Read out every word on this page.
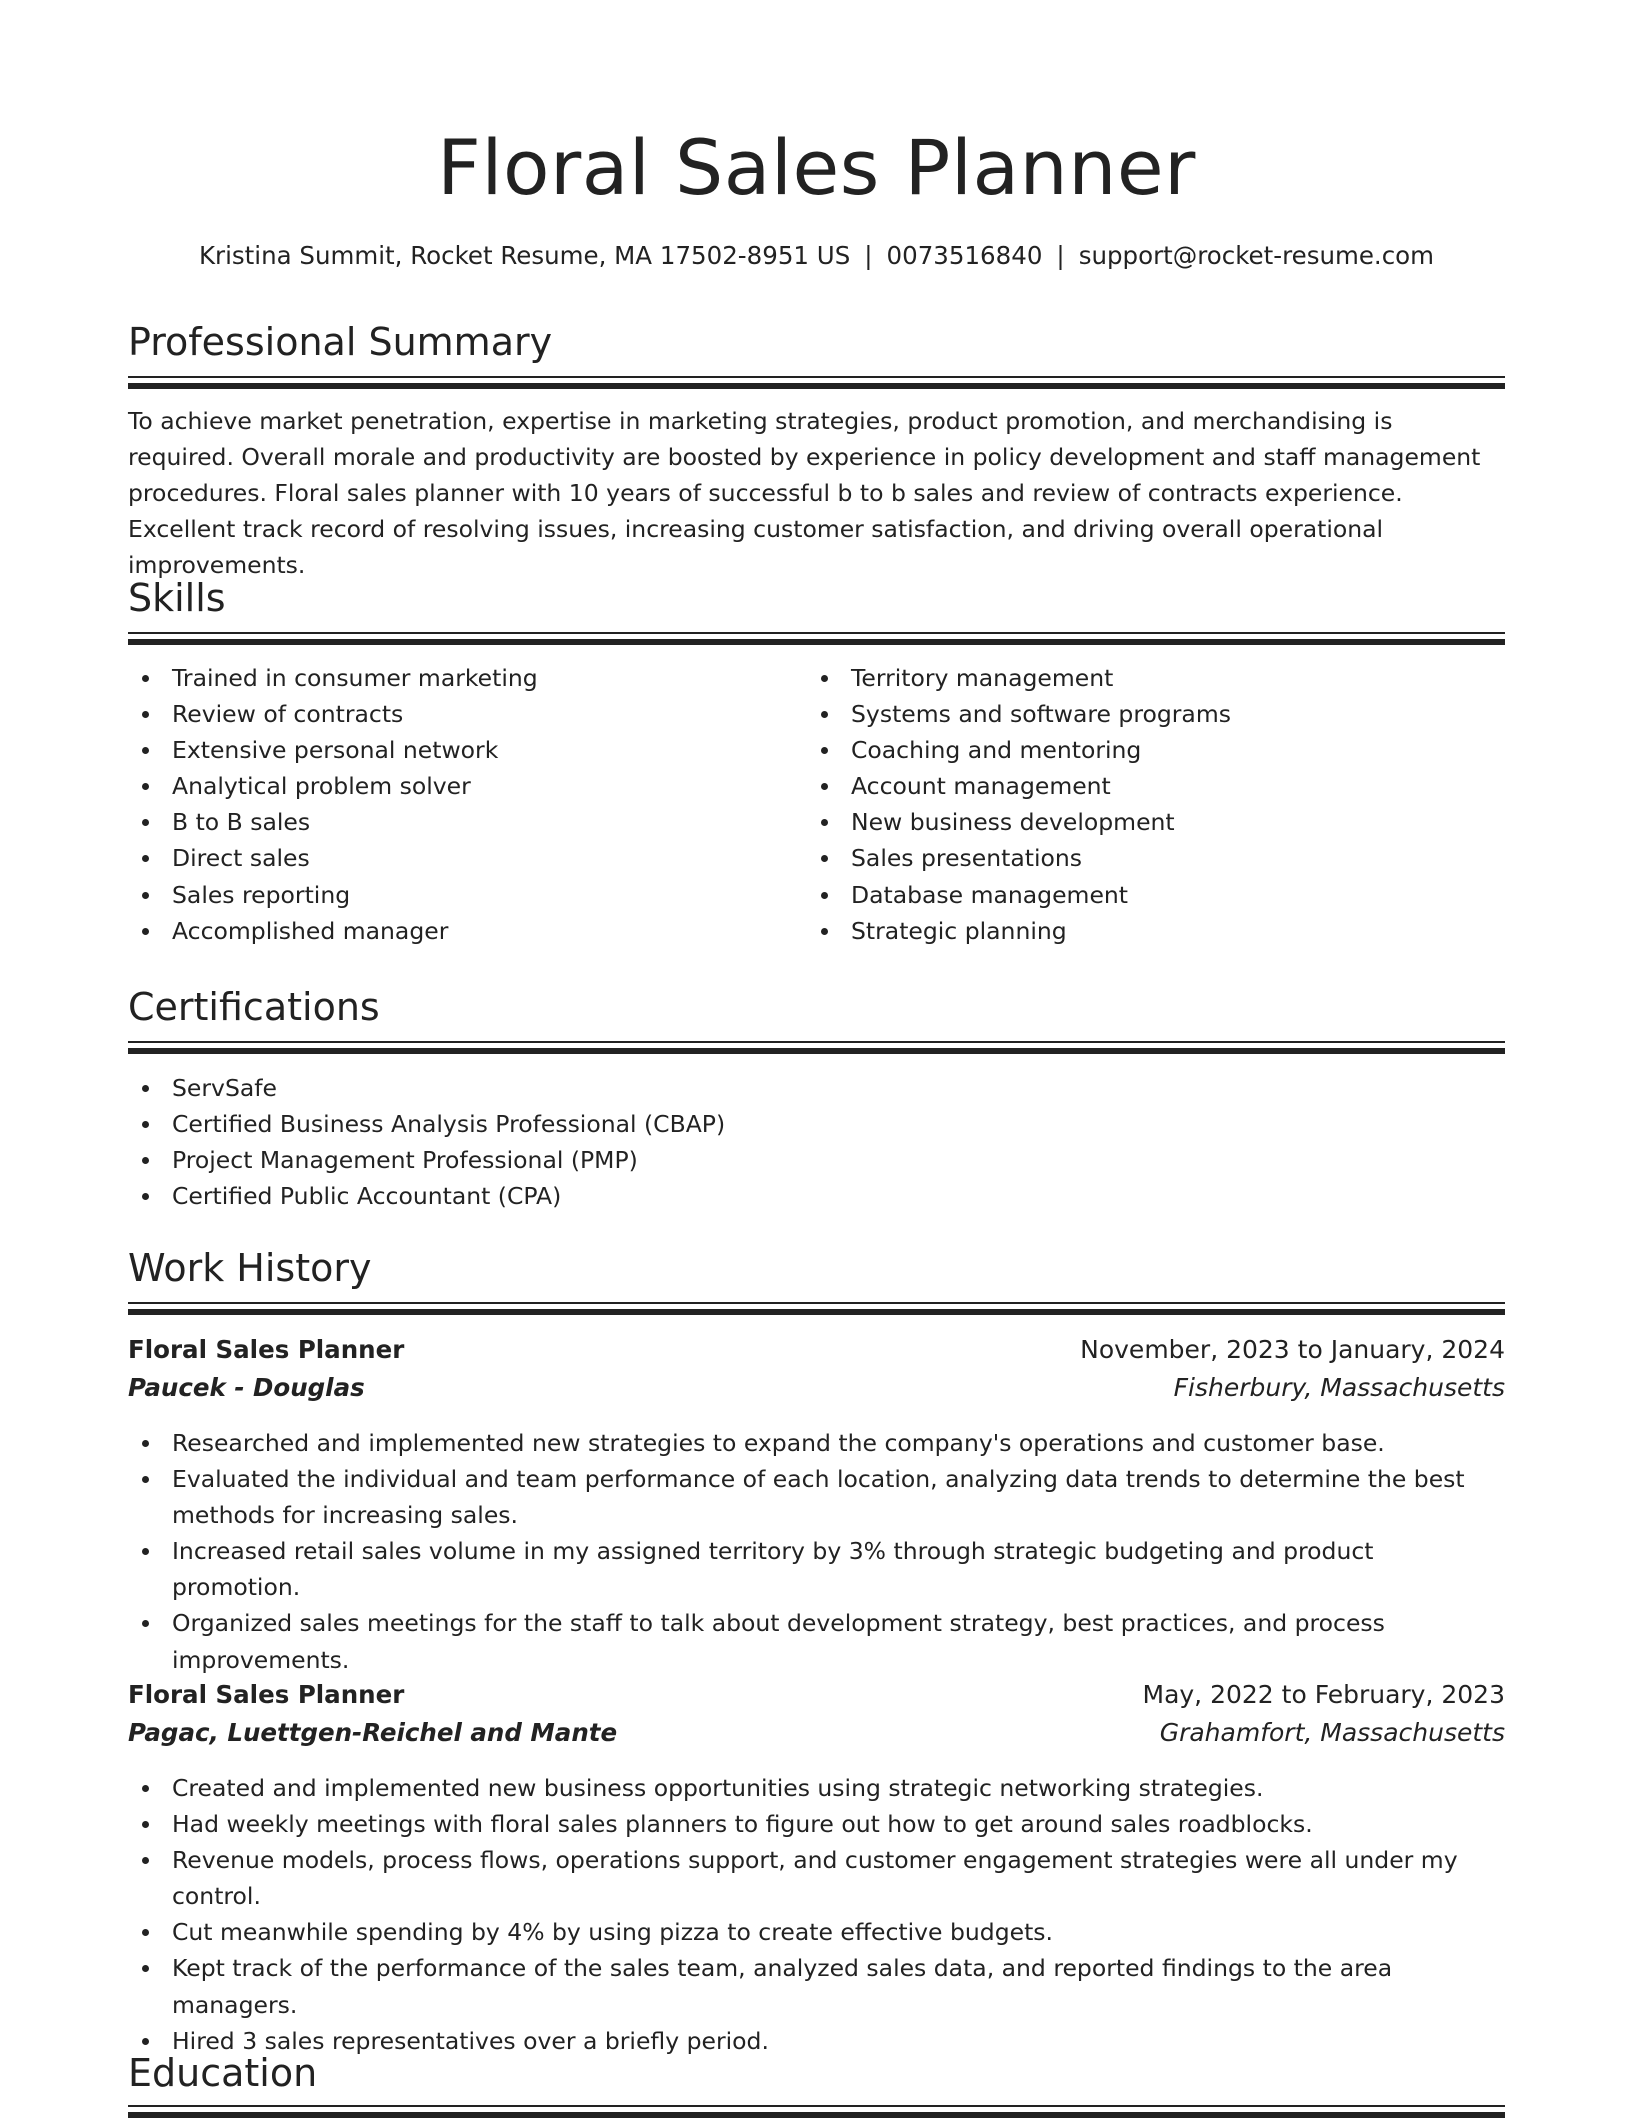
Floral Sales Planner
Kristina Summit, Rocket Resume, MA 17502-8951 US | 0073516840 | support@rocket-resume.com
Professional Summary

To achieve market penetration, expertise in marketing strategies, product promotion, and merchandising is required. Overall morale and productivity are boosted by experience in policy development and staff management procedures. Floral sales planner with 10 years of successful b to b sales and review of contracts experience. Excellent track record of resolving issues, increasing customer satisfaction, and driving overall operational improvements.

Skills
Trained in consumer marketing
Review of contracts
Extensive personal network
Analytical problem solver
B to B sales
Direct sales
Sales reporting
Accomplished manager
Territory management
Systems and software programs
Coaching and mentoring
Account management
New business development
Sales presentations
Database management
Strategic planning
Certifications
ServSafe
Certified Business Analysis Professional (CBAP)
Project Management Professional (PMP)
Certified Public Accountant (CPA)
Work History
Floral Sales Planner	November, 2023 to January, 2024
Paucek - Douglas	Fisherbury, Massachusetts
Researched and implemented new strategies to expand the company's operations and customer base.
Evaluated the individual and team performance of each location, analyzing data trends to determine the best methods for increasing sales.
Increased retail sales volume in my assigned territory by 3% through strategic budgeting and product promotion.
Organized sales meetings for the staff to talk about development strategy, best practices, and process improvements.
Floral Sales Planner	May, 2022 to February, 2023
Pagac, Luettgen-Reichel and Mante	Grahamfort, Massachusetts
Created and implemented new business opportunities using strategic networking strategies.
Had weekly meetings with floral sales planners to figure out how to get around sales roadblocks.
Revenue models, process flows, operations support, and customer engagement strategies were all under my control.
Cut meanwhile spending by 4% by using pizza to create effective budgets.
Kept track of the performance of the sales team, analyzed sales data, and reported findings to the area managers.
Hired 3 sales representatives over a briefly period.
Education
